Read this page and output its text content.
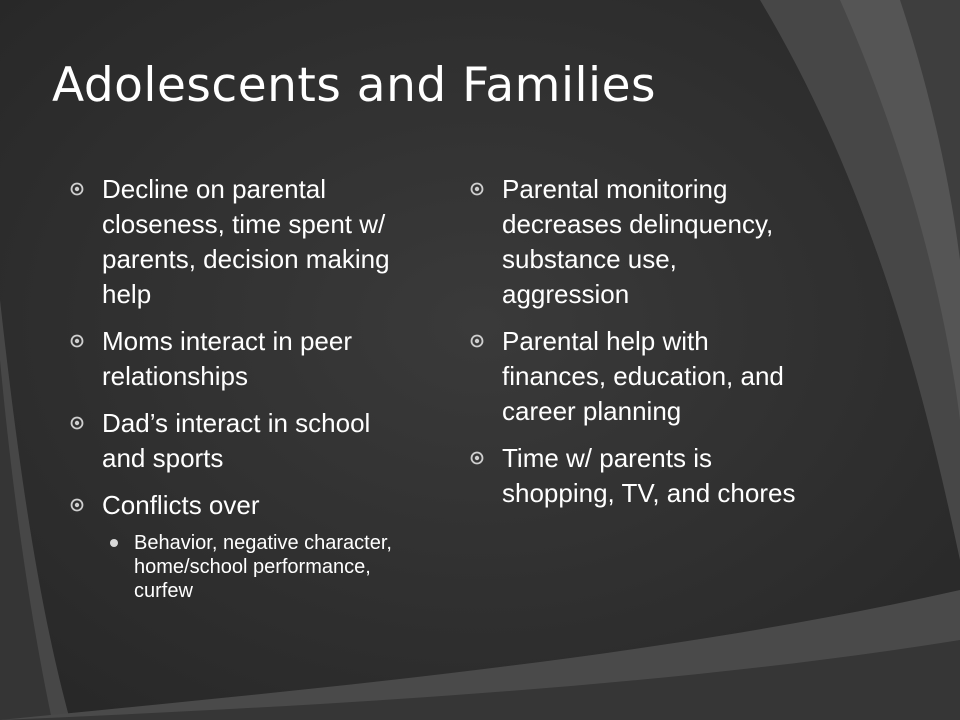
Adolescents and Families
Decline on parental closeness, time spent w/ parents, decision making help
Moms interact in peer relationships
Dad’s interact in school and sports
Conflicts over
Behavior, negative character, home/school performance, curfew
Parental monitoring decreases delinquency, substance use, aggression
Parental help with finances, education, and career planning
Time w/ parents is shopping, TV, and chores
